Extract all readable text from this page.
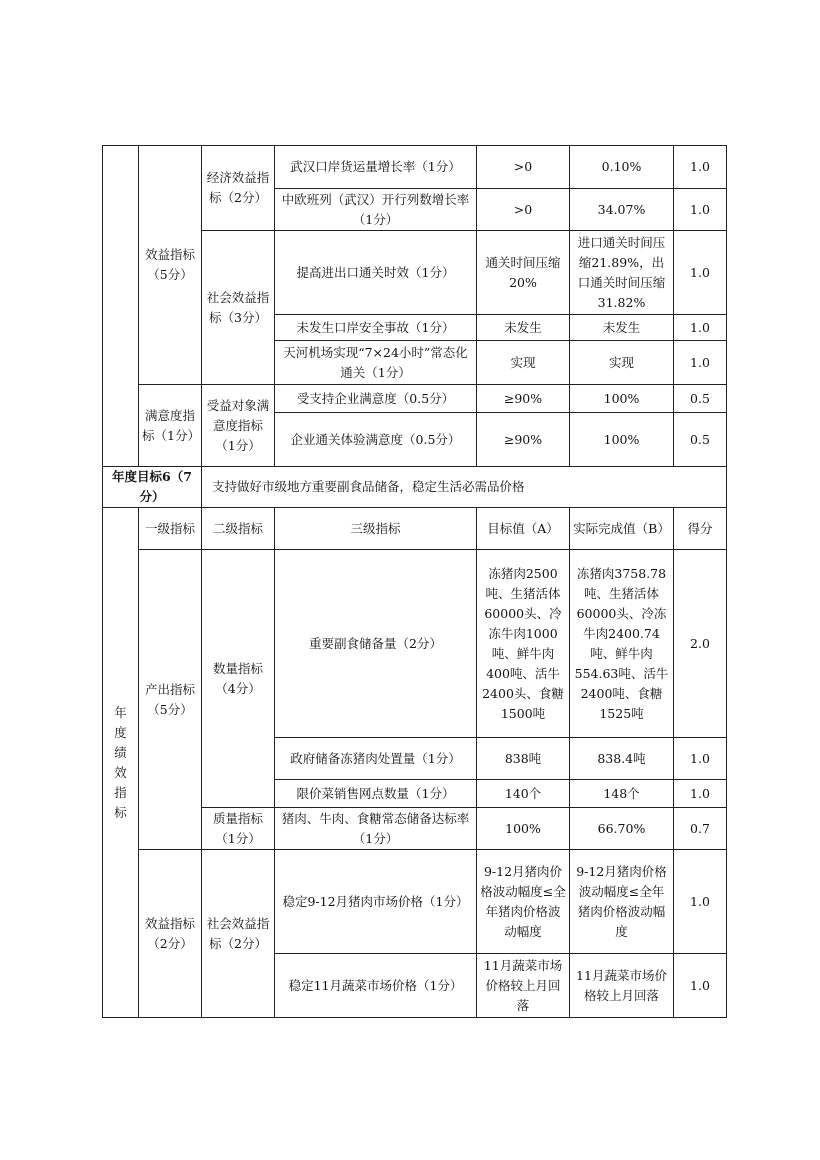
	效益指标（5分）	经济效益指标（2分）	武汉口岸货运量增长率（1分）	>0	0.10%	1.0
			中欧班列（武汉）开行列数增长率（1分）	>0	34.07%	1.0
		社会效益指标（3分）	提高进出口通关时效（1分）	通关时间压缩20%	进口通关时间压缩21.89%，出口通关时间压缩31.82%	1.0
			未发生口岸安全事故（1分）	未发生	未发生	1.0
			天河机场实现“7×24小时”常态化通关（1分）	实现	实现	1.0
	满意度指标（1分）	受益对象满意度指标（1分）	受支持企业满意度（0.5分）	≥90%	100%	0.5
			企业通关体验满意度（0.5分）	≥90%	100%	0.5
年度目标6（7分）		支持做好市级地方重要副食品储备，稳定生活必需品价格				
年度绩效指标	一级指标	二级指标	三级指标	目标值（A）	实际完成值（B）	得分
	产出指标（5分）	数量指标（4分）	重要副食储备量（2分）	冻猪肉2500吨、生猪活体60000头、冷冻牛肉1000吨、鲜牛肉400吨、活牛2400头、食糖1500吨	冻猪肉3758.78吨、生猪活体60000头、冷冻牛肉2400.74吨、鲜牛肉554.63吨、活牛2400吨、食糖1525吨	2.0
			政府储备冻猪肉处置量（1分）	838吨	838.4吨	1.0
			限价菜销售网点数量（1分）	140个	148个	1.0
		质量指标（1分）	猪肉、牛肉、食糖常态储备达标率（1分）	100%	66.70%	0.7
	效益指标（2分）	社会效益指标（2分）	稳定9-12月猪肉市场价格（1分）	9-12月猪肉价格波动幅度≤全年猪肉价格波动幅度	9-12月猪肉价格波动幅度≤全年猪肉价格波动幅度	1.0
			稳定11月蔬菜市场价格（1分）	11月蔬菜市场价格较上月回落	11月蔬菜市场价格较上月回落	1.0
